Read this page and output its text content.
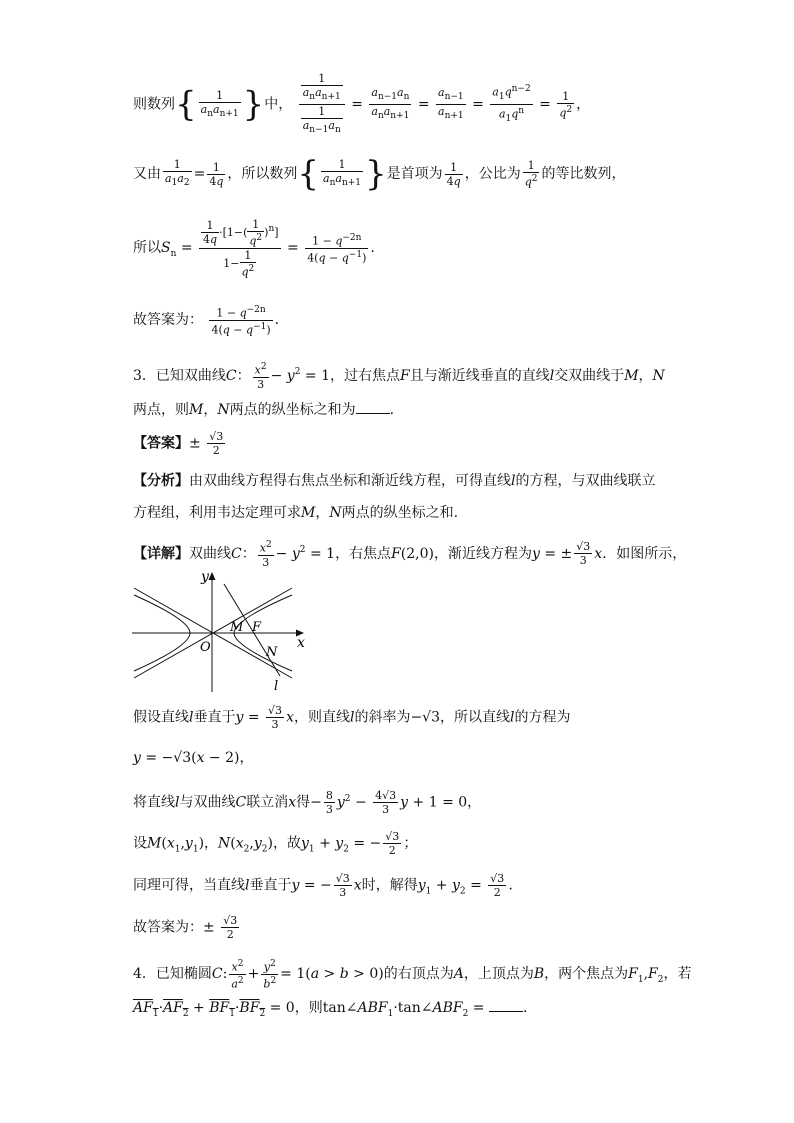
则数列{ $\frac{1}{a_na_{n+1}}$ }中， $\frac{\frac{1}{a_na_{n+1}}}{\frac{1}{a_{n-1}a_n}} = \frac{a_{n-1}a_n}{a_na_{n+1}} = \frac{a_{n-1}}{a_{n+1}} = \frac{a_1q^{n-2}}{a_1q^n} = \frac{1}{q^2}$ ，
又由 $\frac{1}{a_1a_2} = \frac{1}{4q}$ ，所以数列{ $\frac{1}{a_na_{n+1}}$ }是首项为 $\frac{1}{4q}$ ，公比为 $\frac{1}{q^2}$ 的等比数列，
所以$S_n = \frac{\frac{1}{4q} \cdot[1-( \frac{1}{q^2} )^n]}{1- \frac{1}{q^2}} = \frac{1 - q^{-2n}}{4(q - q^{-1})}$ .
故答案为： $\frac{1 - q^{-2n}}{4(q - q^{-1})}$ .
3．已知双曲线C： $\frac{x^2}{3} - y^2 = 1$，过右焦点F且与渐近线垂直的直线l交双曲线于M，N
两点，则M，N两点的纵坐标之和为 .
【答案】± $\frac{√3}{2}$
【分析】由双曲线方程得右焦点坐标和渐近线方程，可得直线l的方程，与双曲线联立
方程组，利用韦达定理可求M，N两点的纵坐标之和.
【详解】双曲线C： $\frac{x^2}{3} - y^2 = 1$，右焦点F(2,0)，渐近线方程为y = ± $\frac{√3}{3}$ x．如图所示，
y
x
O
M F
N
l
假设直线l垂直于$y = \frac{√3}{3}$ x，则直线l的斜率为−√3，所以直线l的方程为
y = −√3(x − 2)，
将直线l与双曲线C联立消x得− $\frac{8}{3} y^2 - \frac{4√3}{3}$ y + 1 = 0，
设$M(x_1,y_1)$，$N(x_2,y_2)$，故$y_1 + y_2$ = − $\frac{√3}{2}$ ；
同理可得，当直线l垂直于y = − $\frac{√3}{3}$ x时，解得$y_1 + y_2 = \frac{√3}{2}$ .
故答案为：± $\frac{√3}{2}$
4．已知椭圆C: $\frac{x^2}{a^2} + \frac{y^2}{b^2} = 1(a > b > 0)$的右顶点为A，上顶点为B，两个焦点为$F_1,F_2$，若
$AF_1\cdot AF_2 + BF_1\cdot BF_2 = 0$，则$\tan\angle ABF_1\cdot\tan\angle ABF_2$ = .
